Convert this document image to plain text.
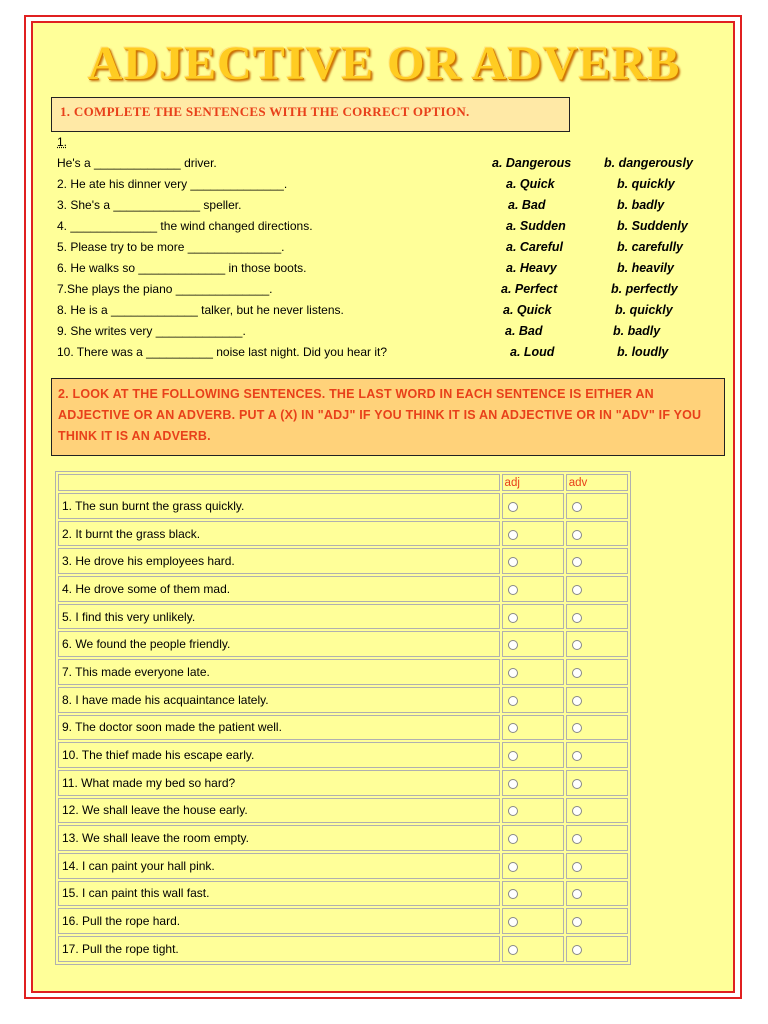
ADJECTIVE OR ADVERB
1. COMPLETE THE SENTENCES WITH THE CORRECT OPTION.
1.
He's a _____________ driver.	a. Dangerous	b. dangerously
2. He ate his dinner very ______________.	a. Quick	b. quickly
3. She's a _____________ speller.	a. Bad	b. badly
4. _____________ the wind changed directions.	a. Sudden	b. Suddenly
5. Please try to be more ______________.	a. Careful	b. carefully
6. He walks so _____________ in those boots.	a. Heavy	b. heavily
7.She plays the piano ______________.	a. Perfect	b. perfectly
8. He is a _____________ talker, but he never listens.	a. Quick	b. quickly
9. She writes very _____________.	a. Bad	b. badly
10. There was a __________ noise last night. Did you hear it?	a. Loud	b. loudly
2. LOOK AT THE FOLLOWING SENTENCES. THE LAST WORD IN EACH SENTENCE IS EITHER AN ADJECTIVE OR AN ADVERB. PUT A (X) IN "ADJ" IF YOU THINK IT IS AN ADJECTIVE OR IN "ADV" IF YOU THINK IT IS AN ADVERB.
	adj	adv
1. The sun burnt the grass quickly.		
2. It burnt the grass black.		
3. He drove his employees hard.		
4. He drove some of them mad.		
5. I find this very unlikely.		
6. We found the people friendly.		
7. This made everyone late.		
8. I have made his acquaintance lately.		
9. The doctor soon made the patient well.		
10. The thief made his escape early.		
11. What made my bed so hard?		
12. We shall leave the house early.		
13. We shall leave the room empty.		
14. I can paint your hall pink.		
15. I can paint this wall fast.		
16. Pull the rope hard.		
17. Pull the rope tight.		
